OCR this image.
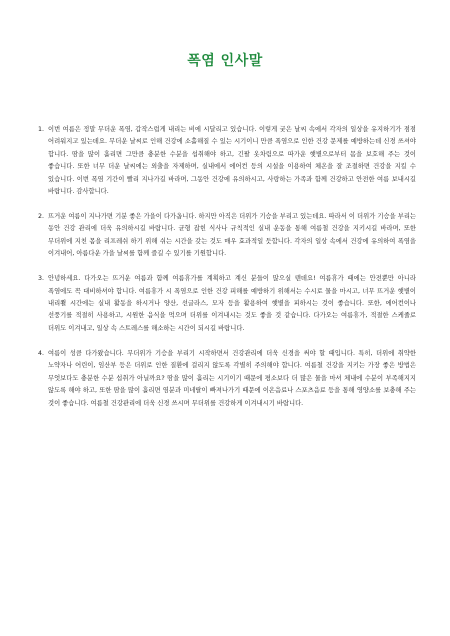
폭염 인사말
1. 이번 여름은 정말 무더운 폭염, 갑작스럽게 내리는 비에 시달리고 있습니다. 이렇게 궂은 날씨 속에서 각자의 일상을 유지하기가 점점 어려워지고 있는데요. 무더운 날씨로 인해 건강에 소홀해질 수 있는 시기이니 만큼 폭염으로 인한 건강 문제를 예방하는데 신경 쓰셔야 합니다. 땀을 많이 흘리면 그만큼 충분한 수분을 섭취해야 하고, 긴팔 옷차림으로 따가운 햇볕으로부터 몸을 보호해 주는 것이 좋습니다. 또한 너무 더운 날씨에는 외출을 자제하며, 실내에서 에어컨 등의 시설을 이용하여 체온을 잘 조절하면 건강을 지킬 수 있습니다. 이번 폭염 기간이 빨리 지나가길 바라며, 그동안 건강에 유의하시고, 사랑하는 가족과 함께 건강하고 안전한 여름 보내시길 바랍니다. 감사합니다.
2. 뜨거운 여름이 지나가면 기분 좋은 가을이 다가옵니다. 하지만 아직은 더위가 기승을 부리고 있는데요. 따라서 이 더위가 기승을 부리는 동안 건강 관리에 더욱 유의하시길 바랍니다. 균형 잡힌 식사나 규칙적인 실내 운동을 통해 여름철 건강을 지키시길 바라며, 또한 무더위에 지친 몸을 리프레쉬 하기 위해 쉬는 시간을 갖는 것도 매우 효과적일 듯합니다. 각자의 일상 속에서 건강에 유의하여 폭염을 이겨내어, 아름다운 가을 날씨를 함께 즐길 수 있기를 기원합니다.
3. 안녕하세요. 다가오는 뜨거운 여름과 함께 여름휴가를 계획하고 계신 분들이 많으실 텐데요! 여름휴가 때에는 안전뿐만 아니라 폭염에도 꼭 대비하셔야 합니다. 여름휴가 시 폭염으로 인한 건강 피해를 예방하기 위해서는 수시로 물을 마시고, 너무 뜨거운 햇볕이 내리쬘 시간에는 실내 활동을 하시거나 양산, 선글라스, 모자 등을 활용하여 햇볕을 피하시는 것이 좋습니다. 또한, 에어컨이나 선풍기를 적절히 사용하고, 시원한 음식을 먹으며 더위를 이겨내시는 것도 좋을 것 같습니다. 다가오는 여름휴가, 적절한 스케줄로 더위도 이겨내고, 일상 속 스트레스를 해소하는 시간이 되시길 바랍니다.
4. 여름이 성큼 다가왔습니다. 무더위가 기승을 부리기 시작하면서 건강관리에 더욱 신경을 써야 할 때입니다. 특히, 더위에 취약한 노약자나 어린이, 임산부 등은 더위로 인한 질환에 걸리지 않도록 각별히 주의해야 합니다. 여름철 건강을 지키는 가장 좋은 방법은 무엇보다도 충분한 수분 섭취가 아닐까요? 땀을 많이 흘리는 시기이기 때문에 평소보다 더 많은 물을 마셔 체내에 수분이 부족해지지 않도록 해야 하고, 또한 땀을 많이 흘리면 염분과 미네랄이 빠져나가기 때문에 이온음료나 스포츠음료 등을 통해 영양소를 보충해 주는 것이 좋습니다. 여름철 건강관리에 더욱 신경 쓰시며 무더위를 건강하게 이겨내시기 바랍니다.
